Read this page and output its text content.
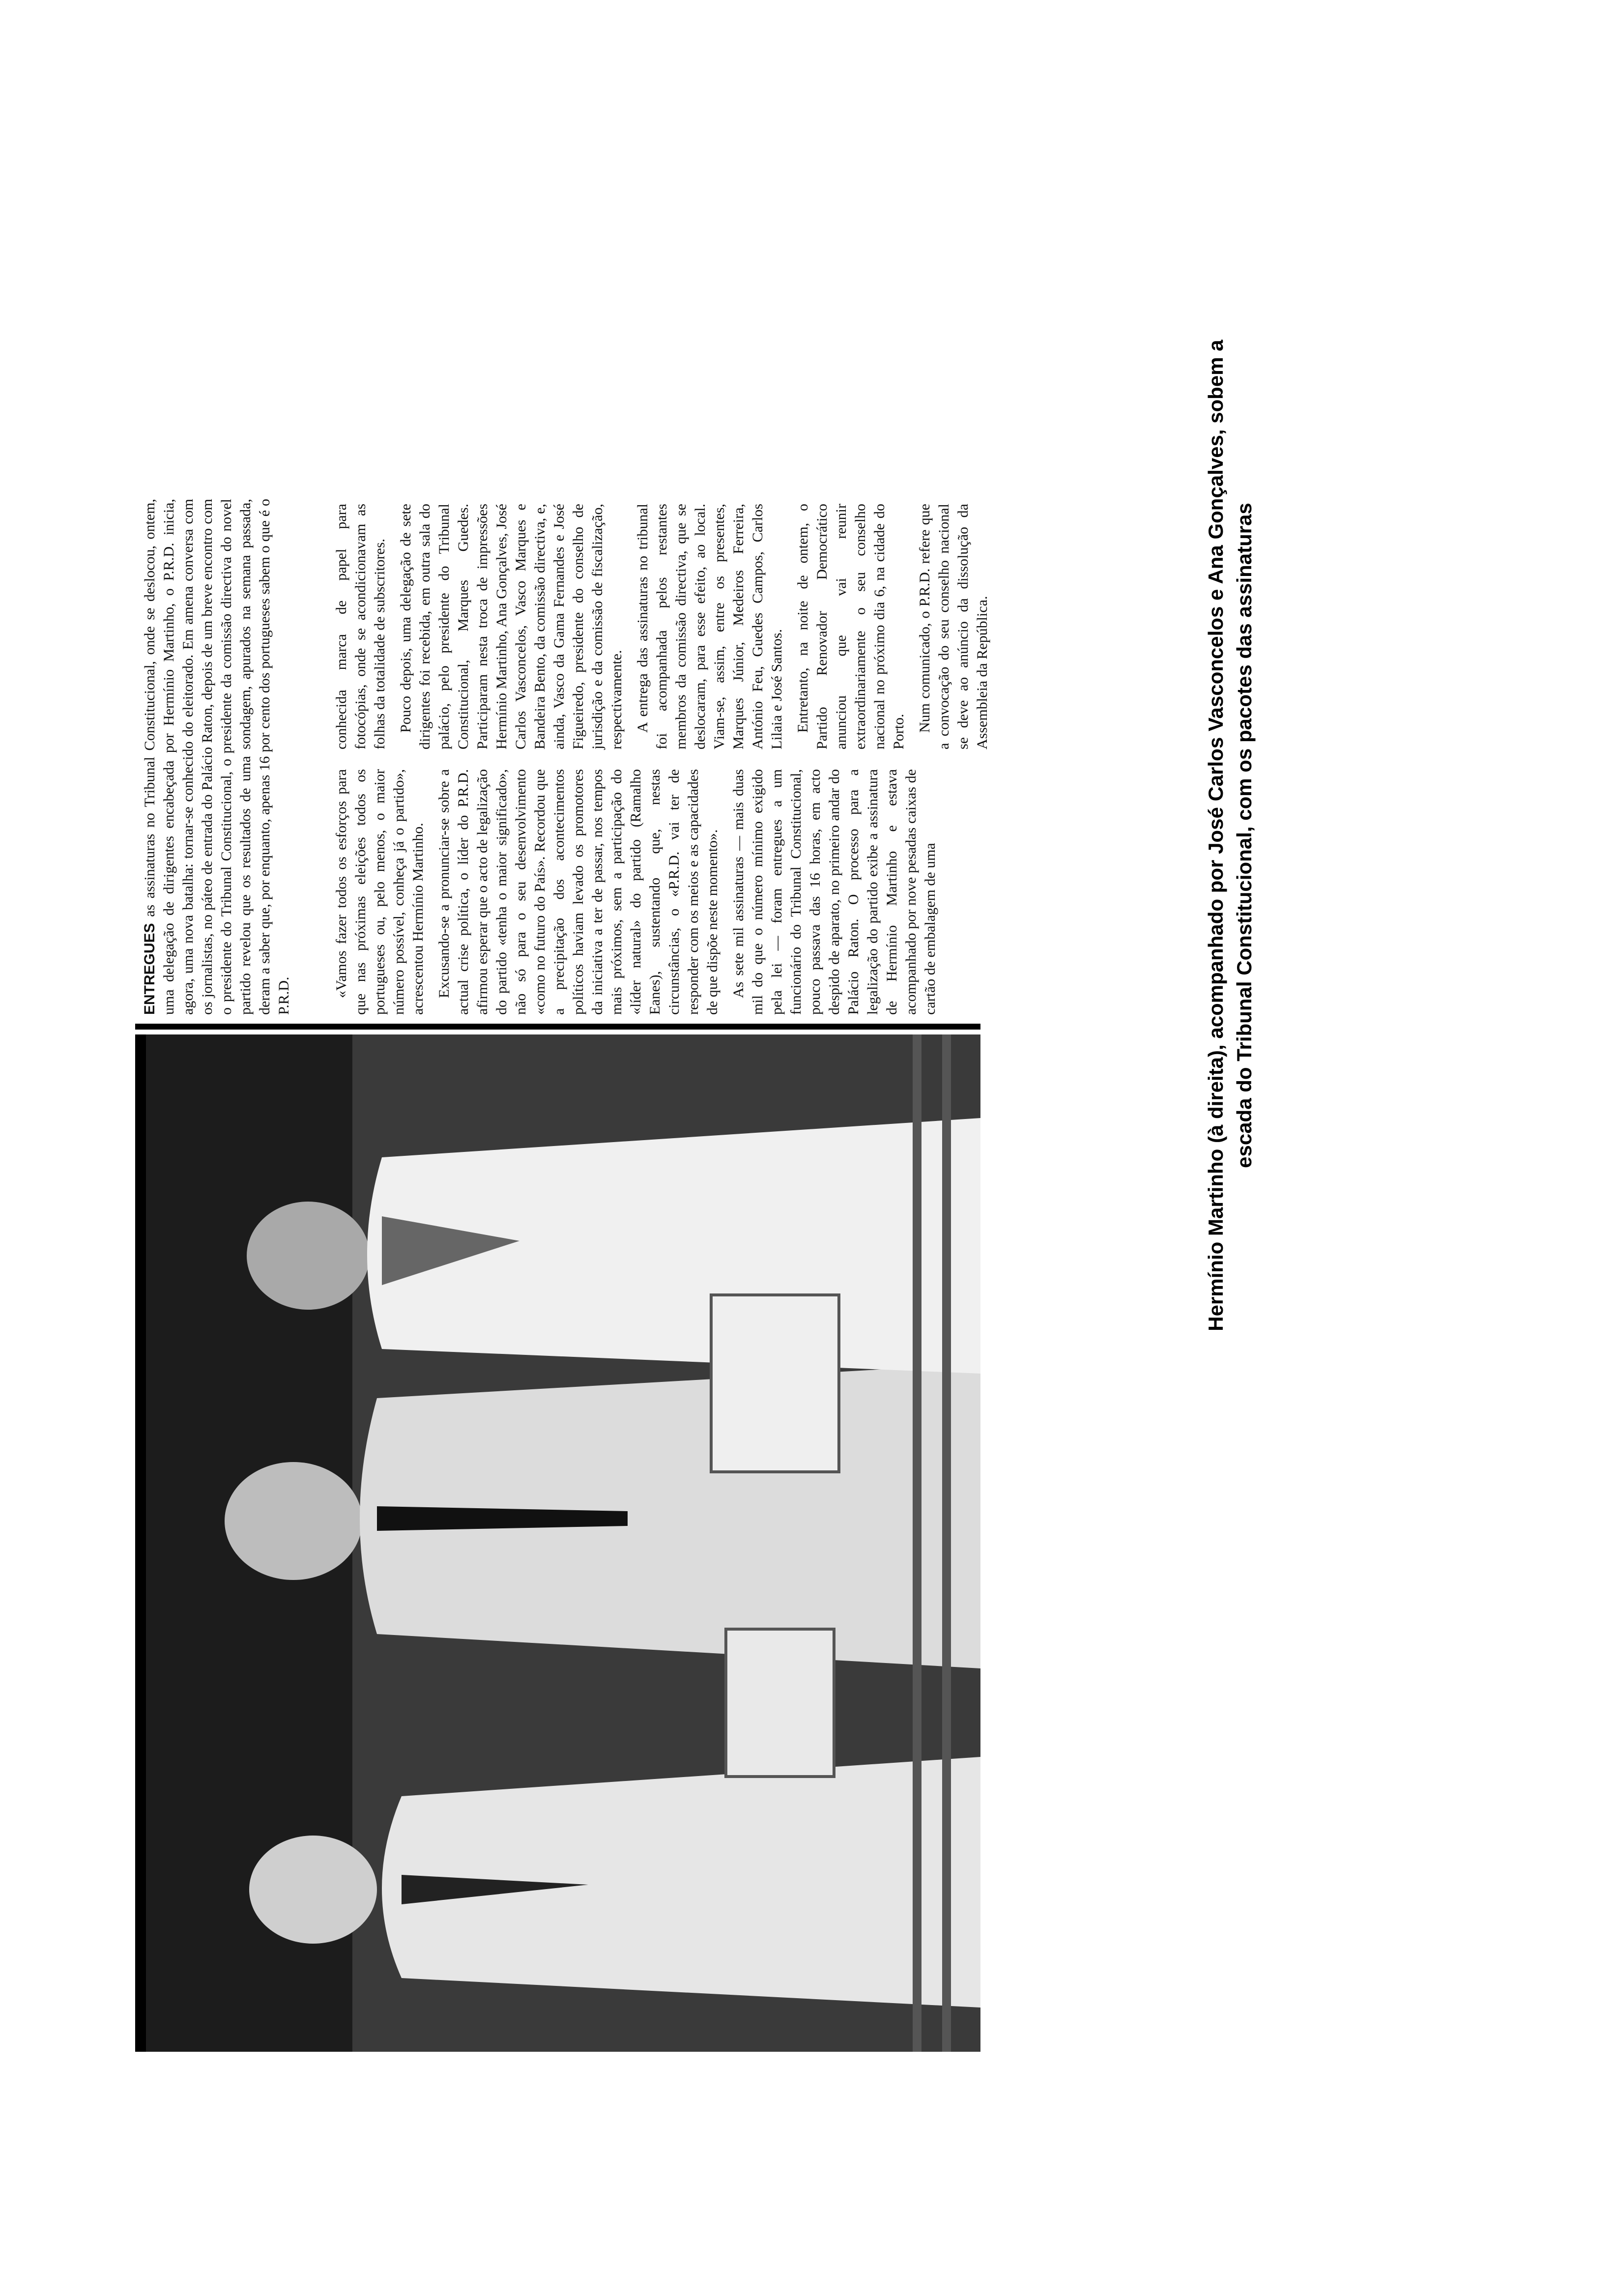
ENTREGUES as assinaturas no Tribunal Constitucional, onde se deslocou, ontem, uma delegação de dirigentes encabeçada por Hermínio Martinho, o P.R.D. inicia, agora, uma nova batalha: tornar-se conhecido do eleitorado. Em amena conversa com os jornalistas, no páteo de entrada do Palácio Raton, depois de um breve encontro com o presidente do Tribunal Constitucional, o presidente da comissão directiva do novel partido revelou que os resultados de uma sondagem, apurados na semana passada, deram a saber que, por enquanto, apenas 16 por cento dos portugueses sabem o que é o P.R.D.	«Vamos fazer todos os esforços para que nas próximas eleições todos os portugueses ou, pelo menos, o maior número possível, conheça já o partido», acrescentou Hermínio Martinho. Excusando-se a pronunciar-se sobre a actual crise política, o líder do P.R.D. afirmou esperar que o acto de legalização do partido «tenha o maior significado», não só para o seu desenvolvimento «como no futuro do País». Recordou que a precipitação dos acontecimentos políticos haviam levado os promotores da iniciativa a ter de passar, nos tempos mais próximos, sem a participação do «líder natural» do partido (Ramalho Eanes), sustentando que, nestas circunstâncias, o «P.R.D. vai ter de responder com os meios e as capacidades de que dispõe neste momento». As sete mil assinaturas — mais duas mil do que o número mínimo exigido pela lei — foram entregues a um funcionário do Tribunal Constitucional, pouco passava das 16 horas, em acto despido de aparato, no primeiro andar do Palácio Raton. O processo para a legalização do partido exibe a assinatura de Hermínio Martinho e estava acompanhado por nove pesadas caixas de cartão de embalagem de uma

conhecida marca de papel para fotocópias, onde se acondicionavam as folhas da totalidade de subscritores. Pouco depois, uma delegação de sete dirigentes foi recebida, em outra sala do palácio, pelo presidente do Tribunal Constitucional, Marques Guedes. Participaram nesta troca de impressões Hermínio Martinho, Ana Gonçalves, José Carlos Vasconcelos, Vasco Marques e Bandeira Bento, da comissão directiva, e, ainda, Vasco da Gama Fernandes e José Figueiredo, presidente do conselho de jurisdição e da comissão de fiscalização, respectivamente. A entrega das assinaturas no tribunal foi acompanhada pelos restantes membros da comissão directiva, que se deslocaram, para esse efeito, ao local. Viam-se, assim, entre os presentes, Marques Júnior, Medeiros Ferreira, António Feu, Guedes Campos, Carlos Lilaia e José Santos. Entretanto, na noite de ontem, o Partido Renovador Democrático anunciou que vai reunir extraordinariamente o seu conselho nacional no próximo dia 6, na cidade do Porto. Num comunicado, o P.R.D. refere que a convocação do seu conselho nacional se deve ao anúncio da dissolução da Assembleia da República.	Hermínio Martinho (à direita), acompanhado por José Carlos Vasconcelos e Ana Gonçalves, sobem a escada do Tribunal Constitucional, com os pacotes das assinaturas
